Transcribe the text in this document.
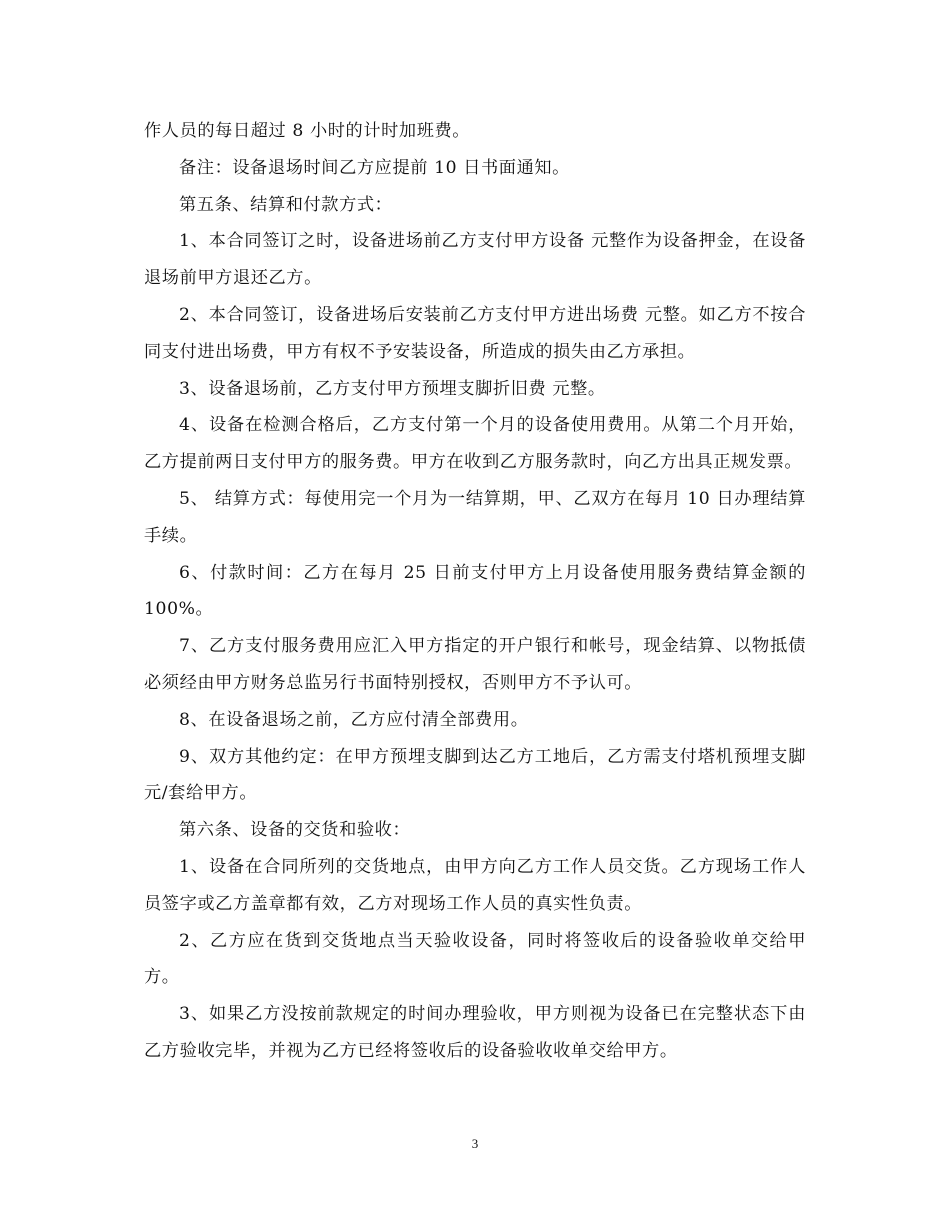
作人员的每日超过 8 小时的计时加班费。

备注：设备退场时间乙方应提前 10 日书面通知。

第五条、结算和付款方式：

1、本合同签订之时，设备进场前乙方支付甲方设备 元整作为设备押金，在设备退场前甲方退还乙方。

2、本合同签订，设备进场后安装前乙方支付甲方进出场费 元整。如乙方不按合同支付进出场费，甲方有权不予安装设备，所造成的损失由乙方承担。

3、设备退场前，乙方支付甲方预埋支脚折旧费 元整。

4、设备在检测合格后，乙方支付第一个月的设备使用费用。从第二个月开始，乙方提前两日支付甲方的服务费。甲方在收到乙方服务款时，向乙方出具正规发票。

5、 结算方式：每使用完一个月为一结算期，甲、乙双方在每月 10 日办理结算手续。

6、付款时间：乙方在每月 25 日前支付甲方上月设备使用服务费结算金额的 100%。

7、乙方支付服务费用应汇入甲方指定的开户银行和帐号，现金结算、以物抵债必须经由甲方财务总监另行书面特别授权，否则甲方不予认可。

8、在设备退场之前，乙方应付清全部费用。

9、双方其他约定：在甲方预埋支脚到达乙方工地后，乙方需支付塔机预埋支脚 元/套给甲方。

第六条、设备的交货和验收：

1、设备在合同所列的交货地点，由甲方向乙方工作人员交货。乙方现场工作人员签字或乙方盖章都有效，乙方对现场工作人员的真实性负责。

2、乙方应在货到交货地点当天验收设备，同时将签收后的设备验收单交给甲方。

3、如果乙方没按前款规定的时间办理验收，甲方则视为设备已在完整状态下由乙方验收完毕，并视为乙方已经将签收后的设备验收收单交给甲方。

3
